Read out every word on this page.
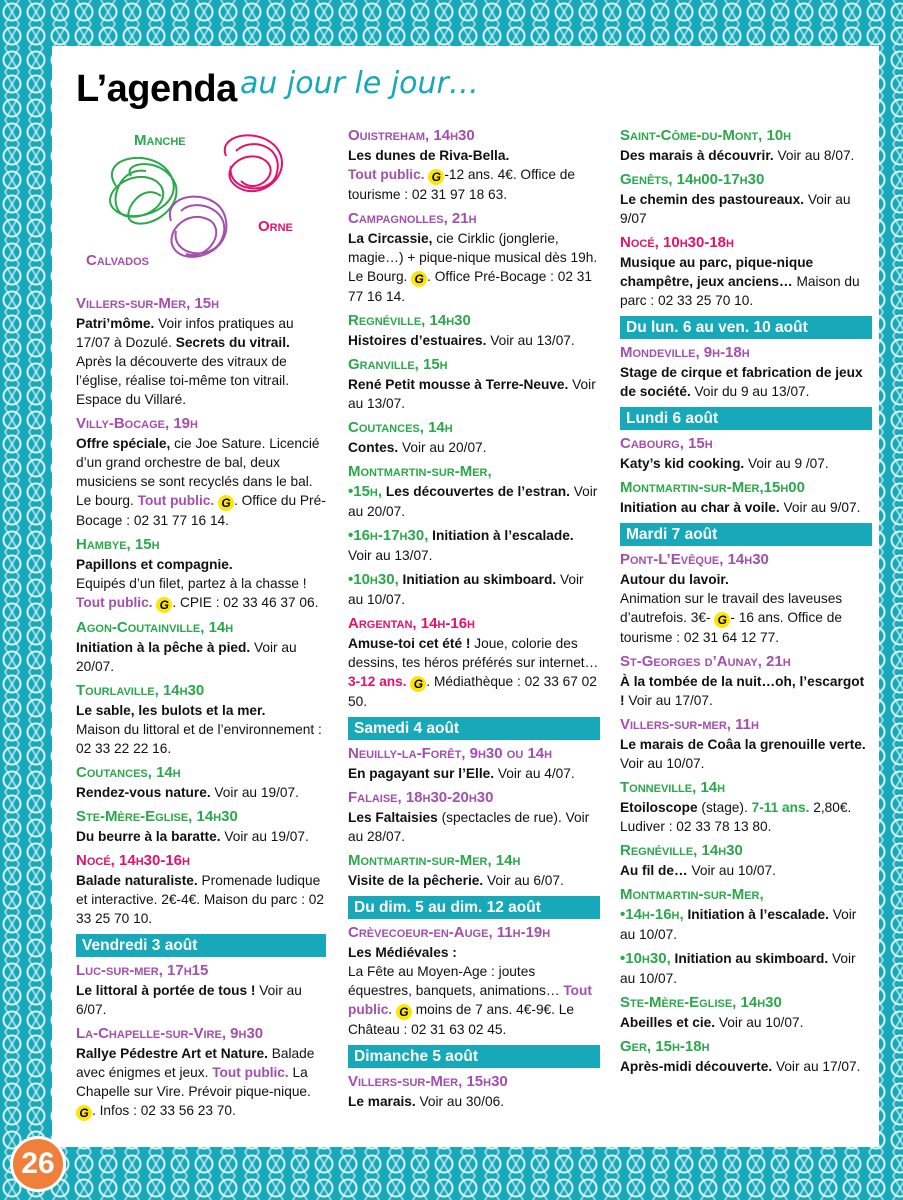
L’agenda au jour le jour…
Manche
Orne
Calvados
Villers-sur-Mer, 15h
Patri’môme. Voir infos pratiques au 17/07 à Dozulé. Secrets du vitrail. Après la découverte des vitraux de l’église, réalise toi-même ton vitrail. Espace du Villaré.
Villy-Bocage, 19h
Offre spéciale, cie Joe Sature. Licencié d’un grand orchestre de bal, deux musiciens se sont recyclés dans le bal. Le bourg. Tout public. G . Office du Pré-Bocage : 02 31 77 16 14.
Hambye, 15h
Papillons et compagnie.
Equipés d’un filet, partez à la chasse ! Tout public. G . CPIE : 02 33 46 37 06.
Agon-Coutainville, 14h
Initiation à la pêche à pied. Voir au 20/07.
Tourlaville, 14h30
Le sable, les bulots et la mer.
Maison du littoral et de l’environnement : 02 33 22 22 16.
Coutances, 14h
Rendez-vous nature. Voir au 19/07.
Ste-Mère-Eglise, 14h30
Du beurre à la baratte. Voir au 19/07.
Nocé, 14h30-16h
Balade naturaliste. Promenade ludique et interactive. 2€-4€. Maison du parc : 02 33 25 70 10.
Vendredi 3 août
Luc-sur-mer, 17h15
Le littoral à portée de tous ! Voir au 6/07.
La-Chapelle-sur-Vire, 9h30
Rallye Pédestre Art et Nature. Balade avec énigmes et jeux. Tout public. La Chapelle sur Vire. Prévoir pique-nique. G . Infos : 02 33 56 23 70.
Ouistreham, 14h30
Les dunes de Riva-Bella.
Tout public. G -12 ans. 4€. Office de tourisme : 02 31 97 18 63.
Campagnolles, 21h
La Circassie, cie Cirklic (jonglerie, magie…) + pique-nique musical dès 19h. Le Bourg. G . Office Pré-Bocage : 02 31 77 16 14.
Regnéville, 14h30
Histoires d’estuaires. Voir au 13/07.
Granville, 15h
René Petit mousse à Terre-Neuve. Voir au 13/07.
Coutances, 14h
Contes. Voir au 20/07.
Montmartin-sur-Mer,
•15h, Les découvertes de l’estran. Voir au 20/07.
•16h-17h30, Initiation à l’escalade. Voir au 13/07.
•10h30, Initiation au skimboard. Voir au 10/07.
Argentan, 14h-16h
Amuse-toi cet été ! Joue, colorie des dessins, tes héros préférés sur internet… 3-12 ans. G . Médiathèque : 02 33 67 02 50.
Samedi 4 août
Neuilly-la-Forêt, 9h30 ou 14h
En pagayant sur l’Elle. Voir au 4/07.
Falaise, 18h30-20h30
Les Faltaisies (spectacles de rue). Voir au 28/07.
Montmartin-sur-Mer, 14h
Visite de la pêcherie. Voir au 6/07.
Du dim. 5 au dim. 12 août
Crèvecoeur-en-Auge, 11h-19h
Les Médiévales :
La Fête au Moyen-Age : joutes équestres, banquets, animations… Tout public. G moins de 7 ans. 4€-9€. Le Château : 02 31 63 02 45.
Dimanche 5 août
Villers-sur-Mer, 15h30
Le marais. Voir au 30/06.
Saint-Côme-du-Mont, 10h
Des marais à découvrir. Voir au 8/07.
Genêts, 14h00-17h30
Le chemin des pastoureaux. Voir au 9/07
Nocé, 10h30-18h
Musique au parc, pique-nique champêtre, jeux anciens… Maison du parc : 02 33 25 70 10.
Du lun. 6 au ven. 10 août
Mondeville, 9h-18h
Stage de cirque et fabrication de jeux de société. Voir du 9 au 13/07.
Lundi 6 août
Cabourg, 15h
Katy’s kid cooking. Voir au 9 /07.
Montmartin-sur-Mer,15h00
Initiation au char à voile. Voir au 9/07.
Mardi 7 août
Pont-L’Evêque, 14h30
Autour du lavoir.
Animation sur le travail des laveuses d’autrefois. 3€- G - 16 ans. Office de tourisme : 02 31 64 12 77.
St-Georges d’Aunay, 21h
À la tombée de la nuit…oh, l’escargot ! Voir au 17/07.
Villers-sur-mer, 11h
Le marais de Coâa la grenouille verte. Voir au 10/07.
Tonneville, 14h
Etoiloscope (stage). 7-11 ans. 2,80€. Ludiver : 02 33 78 13 80.
Regnéville, 14h30
Au fil de… Voir au 10/07.
Montmartin-sur-Mer,
•14h-16h, Initiation à l’escalade. Voir au 10/07.
•10h30, Initiation au skimboard. Voir au 10/07.
Ste-Mère-Eglise, 14h30
Abeilles et cie. Voir au 10/07.
Ger, 15h-18h
Après-midi découverte. Voir au 17/07.
26
